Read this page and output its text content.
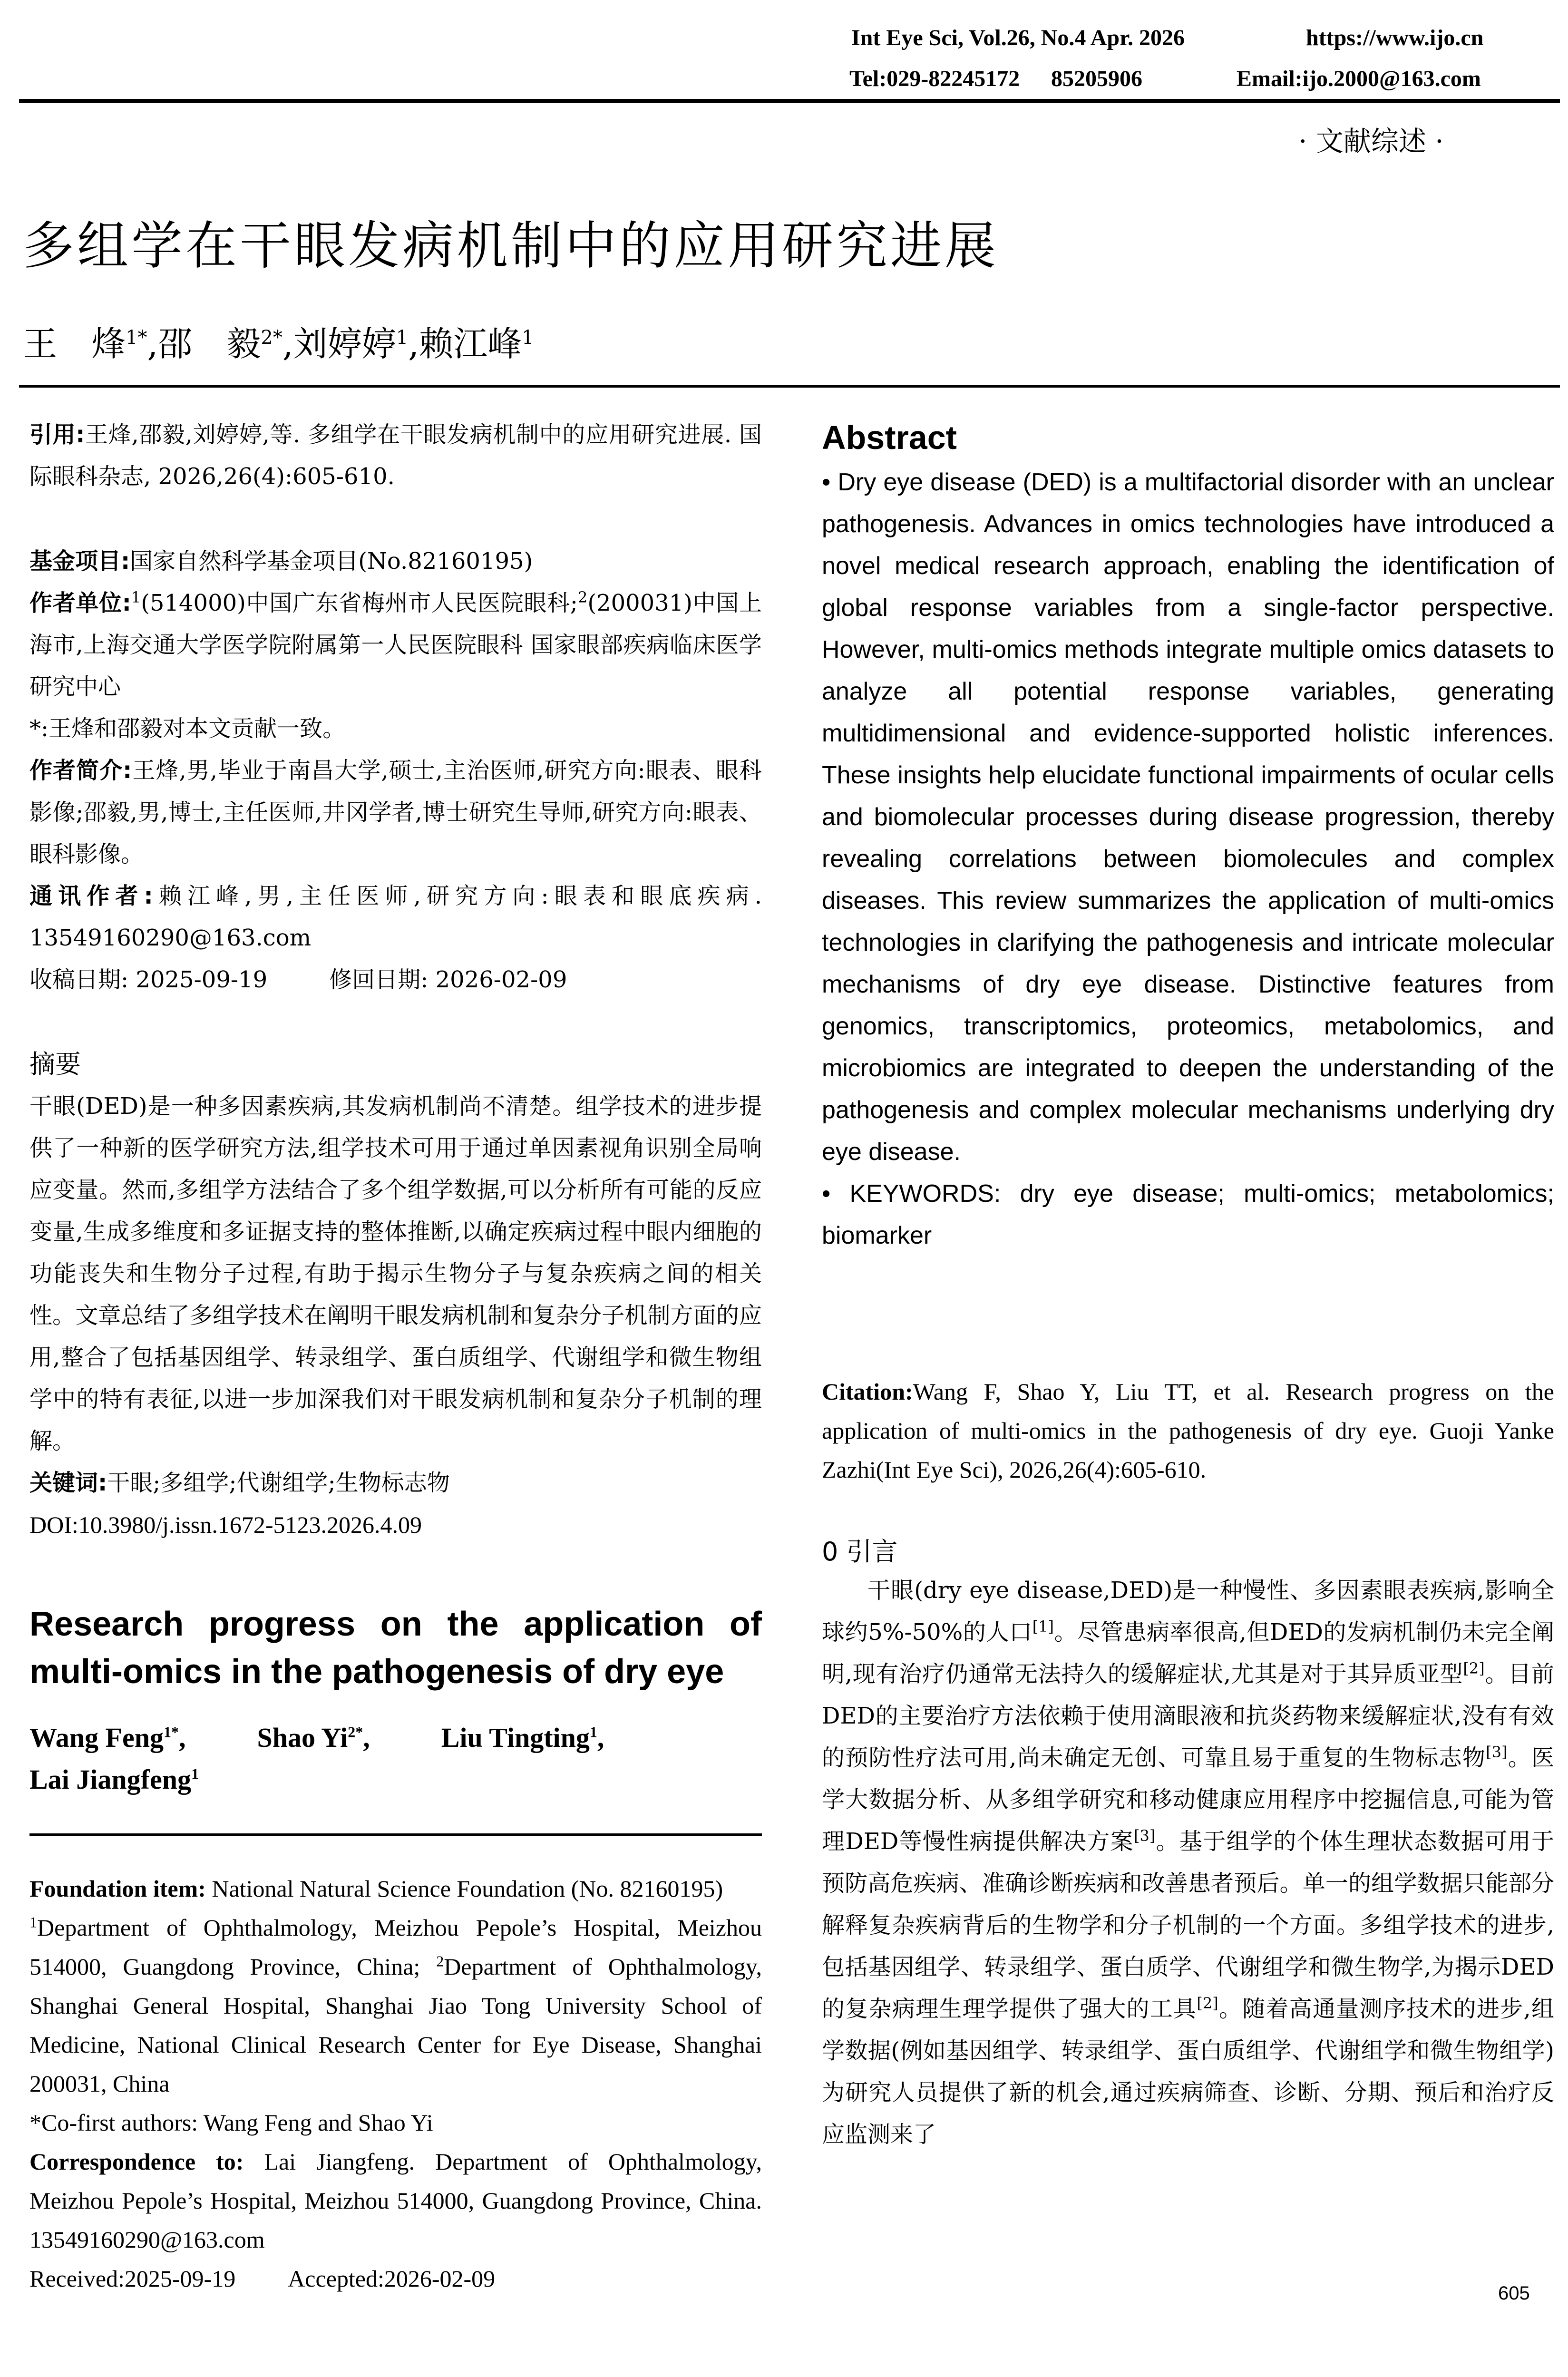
Int Eye Sci, Vol.26, No.4 Apr. 2026	https://www.ijo.cn
Tel:029-82245172 85205906	Email:ijo.2000@163.com
· 文献综述 ·
多组学在干眼发病机制中的应用研究进展
王　烽$^{1*}$,邵　毅$^{2*}$,刘婷婷$^1$,赖江峰$^1$

引用:王烽,邵毅,刘婷婷,等. 多组学在干眼发病机制中的应用研究进展. 国际眼科杂志, 2026,26(4):605-610.

基金项目:国家自然科学基金项目(No.82160195)

作者单位:$^1$(514000)中国广东省梅州市人民医院眼科;$^2$(200031)中国上海市,上海交通大学医学院附属第一人民医院眼科 国家眼部疾病临床医学研究中心

*:王烽和邵毅对本文贡献一致。

作者简介:王烽,男,毕业于南昌大学,硕士,主治医师,研究方向:眼表、眼科影像;邵毅,男,博士,主任医师,井冈学者,博士研究生导师,研究方向:眼表、眼科影像。

通讯作者:赖江峰,男,主任医师,研究方向:眼表和眼底疾病. 13549160290@163.com

收稿日期: 2025-09-19	修回日期: 2026-02-09

摘要

干眼(DED)是一种多因素疾病,其发病机制尚不清楚。组学技术的进步提供了一种新的医学研究方法,组学技术可用于通过单因素视角识别全局响应变量。然而,多组学方法结合了多个组学数据,可以分析所有可能的反应变量,生成多维度和多证据支持的整体推断,以确定疾病过程中眼内细胞的功能丧失和生物分子过程,有助于揭示生物分子与复杂疾病之间的相关性。文章总结了多组学技术在阐明干眼发病机制和复杂分子机制方面的应用,整合了包括基因组学、转录组学、蛋白质组学、代谢组学和微生物组学中的特有表征,以进一步加深我们对干眼发病机制和复杂分子机制的理解。

关键词:干眼;多组学;代谢组学;生物标志物

DOI:10.3980/j.issn.1672-5123.2026.4.09

Research progress on the application of multi-omics in the pathogenesis of dry eye
Wang Feng$^{1*}$,	Shao $Yi^{2*}$,	Liu Tingting$^1$,Lai Jiangfeng$^1$

Foundation item: National Natural Science Foundation (No. 82160195)

$^1$Department of Ophthalmology, Meizhou Pepole’s Hospital, Meizhou 514000, Guangdong Province, China; $^2$Department of Ophthalmology, Shanghai General Hospital, Shanghai Jiao Tong University School of Medicine, National Clinical Research Center for Eye Disease, Shanghai 200031, China

*Co-first authors: Wang Feng and Shao Yi

Correspondence to: Lai Jiangfeng. Department of Ophthalmology, Meizhou Pepole’s Hospital, Meizhou 514000, Guangdong Province, China. 13549160290@163.com

Received:2025-09-19 Accepted:2026-02-09

Abstract

• Dry eye disease (DED) is a multifactorial disorder with an unclear pathogenesis. Advances in omics technologies have introduced a novel medical research approach, enabling the identification of global response variables from a single-factor perspective. However, multi-omics methods integrate multiple omics datasets to analyze all potential response variables, generating multidimensional and evidence-supported holistic inferences. These insights help elucidate functional impairments of ocular cells and biomolecular processes during disease progression, thereby revealing correlations between biomolecules and complex diseases. This review summarizes the application of multi-omics technologies in clarifying the pathogenesis and intricate molecular mechanisms of dry eye disease. Distinctive features from genomics, transcriptomics, proteomics, metabolomics, and microbiomics are integrated to deepen the understanding of the pathogenesis and complex molecular mechanisms underlying dry eye disease.

• KEYWORDS: dry eye disease; multi-omics; metabolomics; biomarker

Citation:Wang F, Shao Y, Liu TT, et al. Research progress on the application of multi-omics in the pathogenesis of dry eye. Guoji Yanke Zazhi(Int Eye Sci), 2026,26(4):605-610.

0 引言
干眼(dry eye disease,DED)是一种慢性、多因素眼表疾病,影响全球约5%-50%的人口[1]。尽管患病率很高,但DED的发病机制仍未完全阐明,现有治疗仍通常无法持久的缓解症状,尤其是对于其异质亚型[2]。目前DED的主要治疗方法依赖于使用滴眼液和抗炎药物来缓解症状,没有有效的预防性疗法可用,尚未确定无创、可靠且易于重复的生物标志物[3]。医学大数据分析、从多组学研究和移动健康应用程序中挖掘信息,可能为管理DED等慢性病提供解决方案[3]。基于组学的个体生理状态数据可用于预防高危疾病、准确诊断疾病和改善患者预后。单一的组学数据只能部分解释复杂疾病背后的生物学和分子机制的一个方面。多组学技术的进步,包括基因组学、转录组学、蛋白质学、代谢组学和微生物学,为揭示DED的复杂病理生理学提供了强大的工具[2]。随着高通量测序技术的进步,组学数据(例如基因组学、转录组学、蛋白质组学、代谢组学和微生物组学)为研究人员提供了新的机会,通过疾病筛查、诊断、分期、预后和治疗反应监测来了
605
